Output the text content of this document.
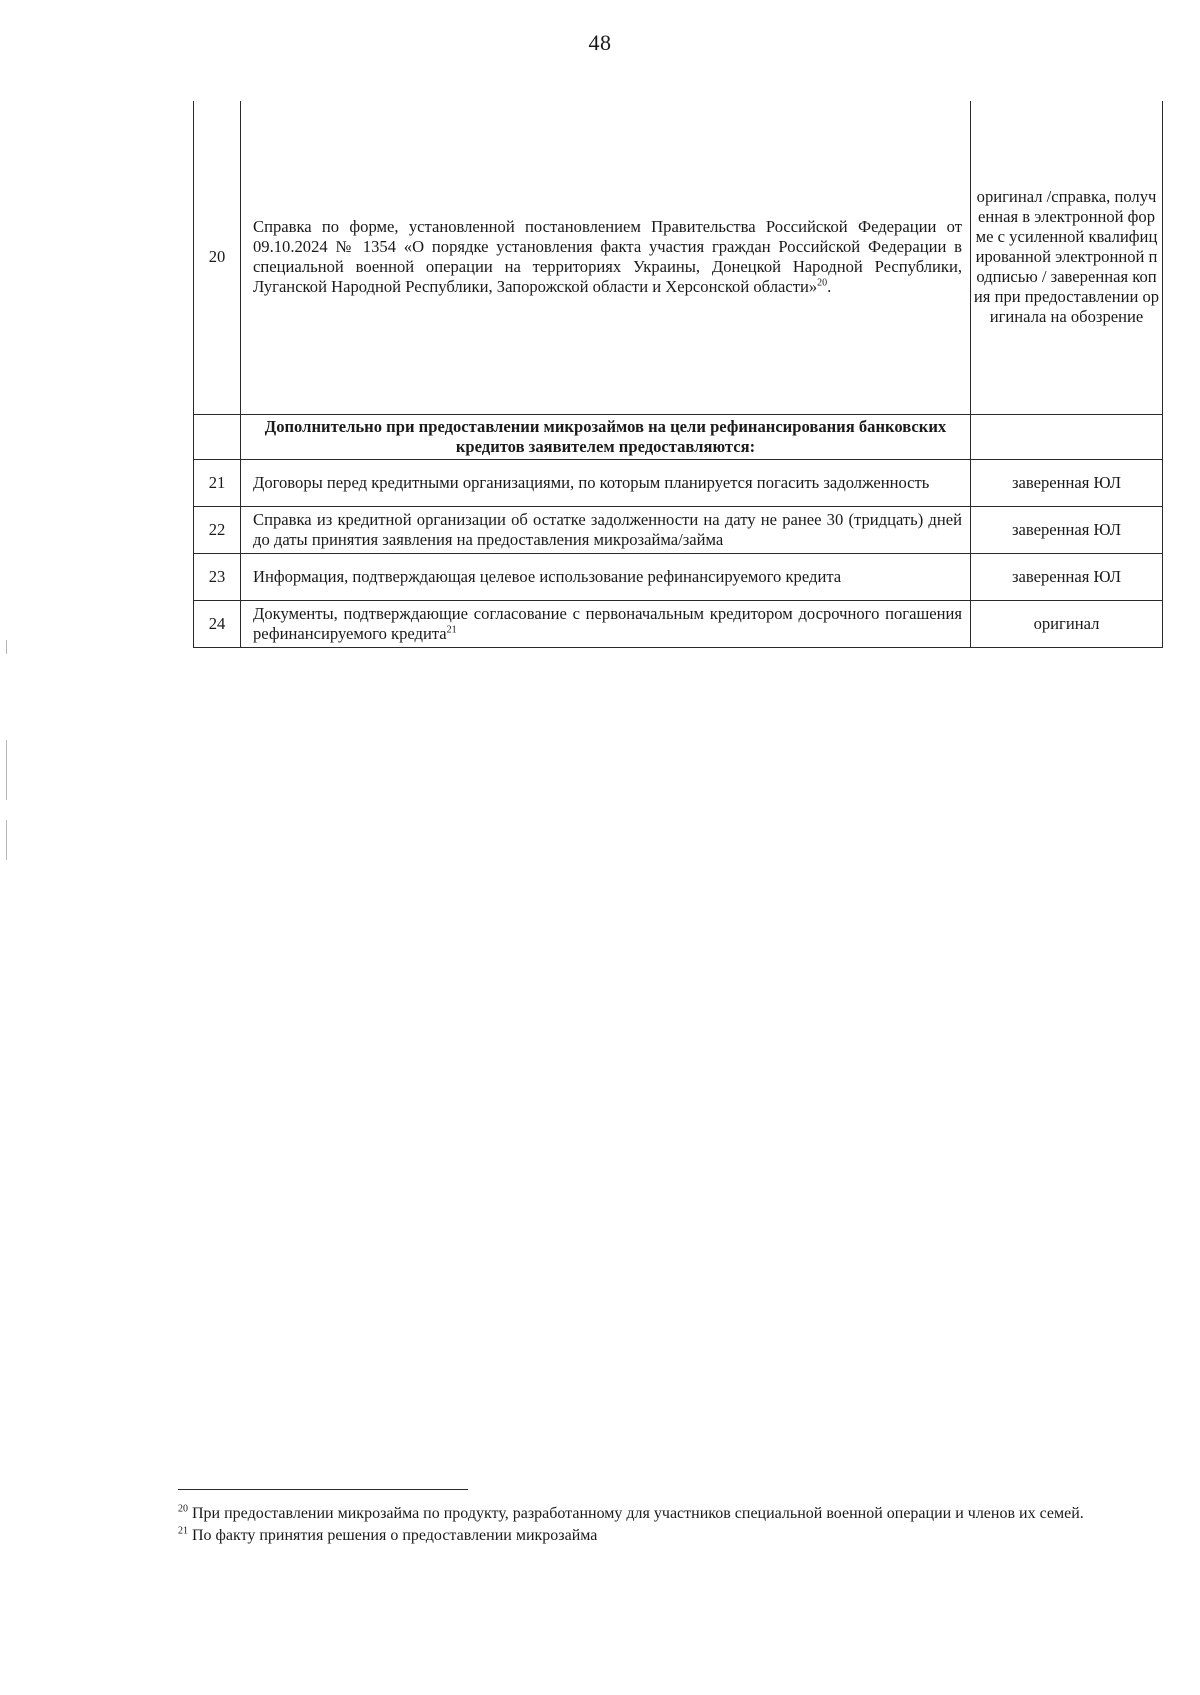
48
20	Справка по форме, установленной постановлением Правительства Российской Федерации от 09.10.2024 № 1354 «О порядке установления факта участия граждан Российской Федерации в специальной военной операции на территориях Украины, Донецкой Народной Республики, Луганской Народной Республики, Запорожской области и Херсонской области»$^{20}$.	оригинал /справка, полученная в электронной форме с усиленной квалифицированной электронной подписью / заверенная копия при предоставлении оригинала на обозрение
	Дополнительно при предоставлении микрозаймов на цели рефинансирования банковских кредитов заявителем предоставляются:	
21	Договоры перед кредитными организациями, по которым планируется погасить задолженность	заверенная ЮЛ
22	Справка из кредитной организации об остатке задолженности на дату не ранее 30 (тридцать) дней до даты принятия заявления на предоставления микрозайма/займа	заверенная ЮЛ
23	Информация, подтверждающая целевое использование рефинансируемого кредита	заверенная ЮЛ
24	Документы, подтверждающие согласование с первоначальным кредитором досрочного погашения рефинансируемого кредита$^{21}$	оригинал
$^{20}$ При предоставлении микрозайма по продукту, разработанному для участников специальной военной операции и членов их семей.
$^{21}$ По факту принятия решения о предоставлении микрозайма
